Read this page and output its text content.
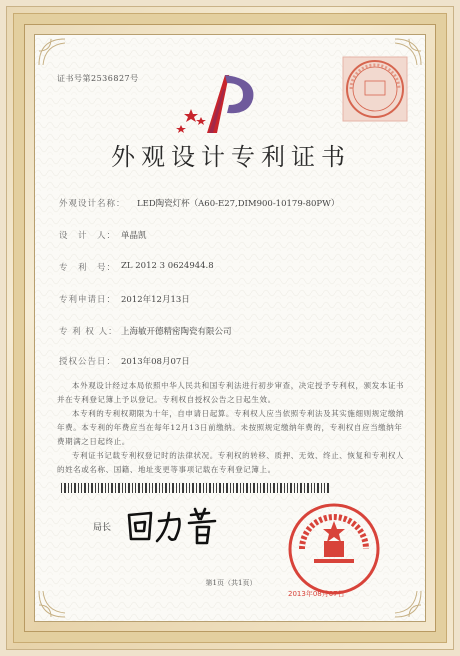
证书号第2536827号
外观设计专利证书
外观设计名称： LED陶瓷灯杯（A60-E27,DIM900-10179-80PW）
设　计　人： 单晶凯
专　利　号： ZL 2012 3 0624944.8
专利申请日： 2012年12月13日
专 利 权 人： 上海敏开德精密陶瓷有限公司
授权公告日： 2013年08月07日
本外观设计经过本局依照中华人民共和国专利法进行初步审查，决定授予专利权，颁发本证书并在专利登记簿上予以登记。专利权自授权公告之日起生效。
本专利的专利权期限为十年，自申请日起算。专利权人应当依照专利法及其实施细则规定缴纳年费。本专利的年费应当在每年12月13日前缴纳。未按照规定缴纳年费的，专利权自应当缴纳年费期满之日起终止。
专利证书记载专利权登记时的法律状况。专利权的转移、质押、无效、终止、恢复和专利权人的姓名或名称、国籍、地址变更等事项记载在专利登记簿上。
局长
2013年08月07日
第1页（共1页）
